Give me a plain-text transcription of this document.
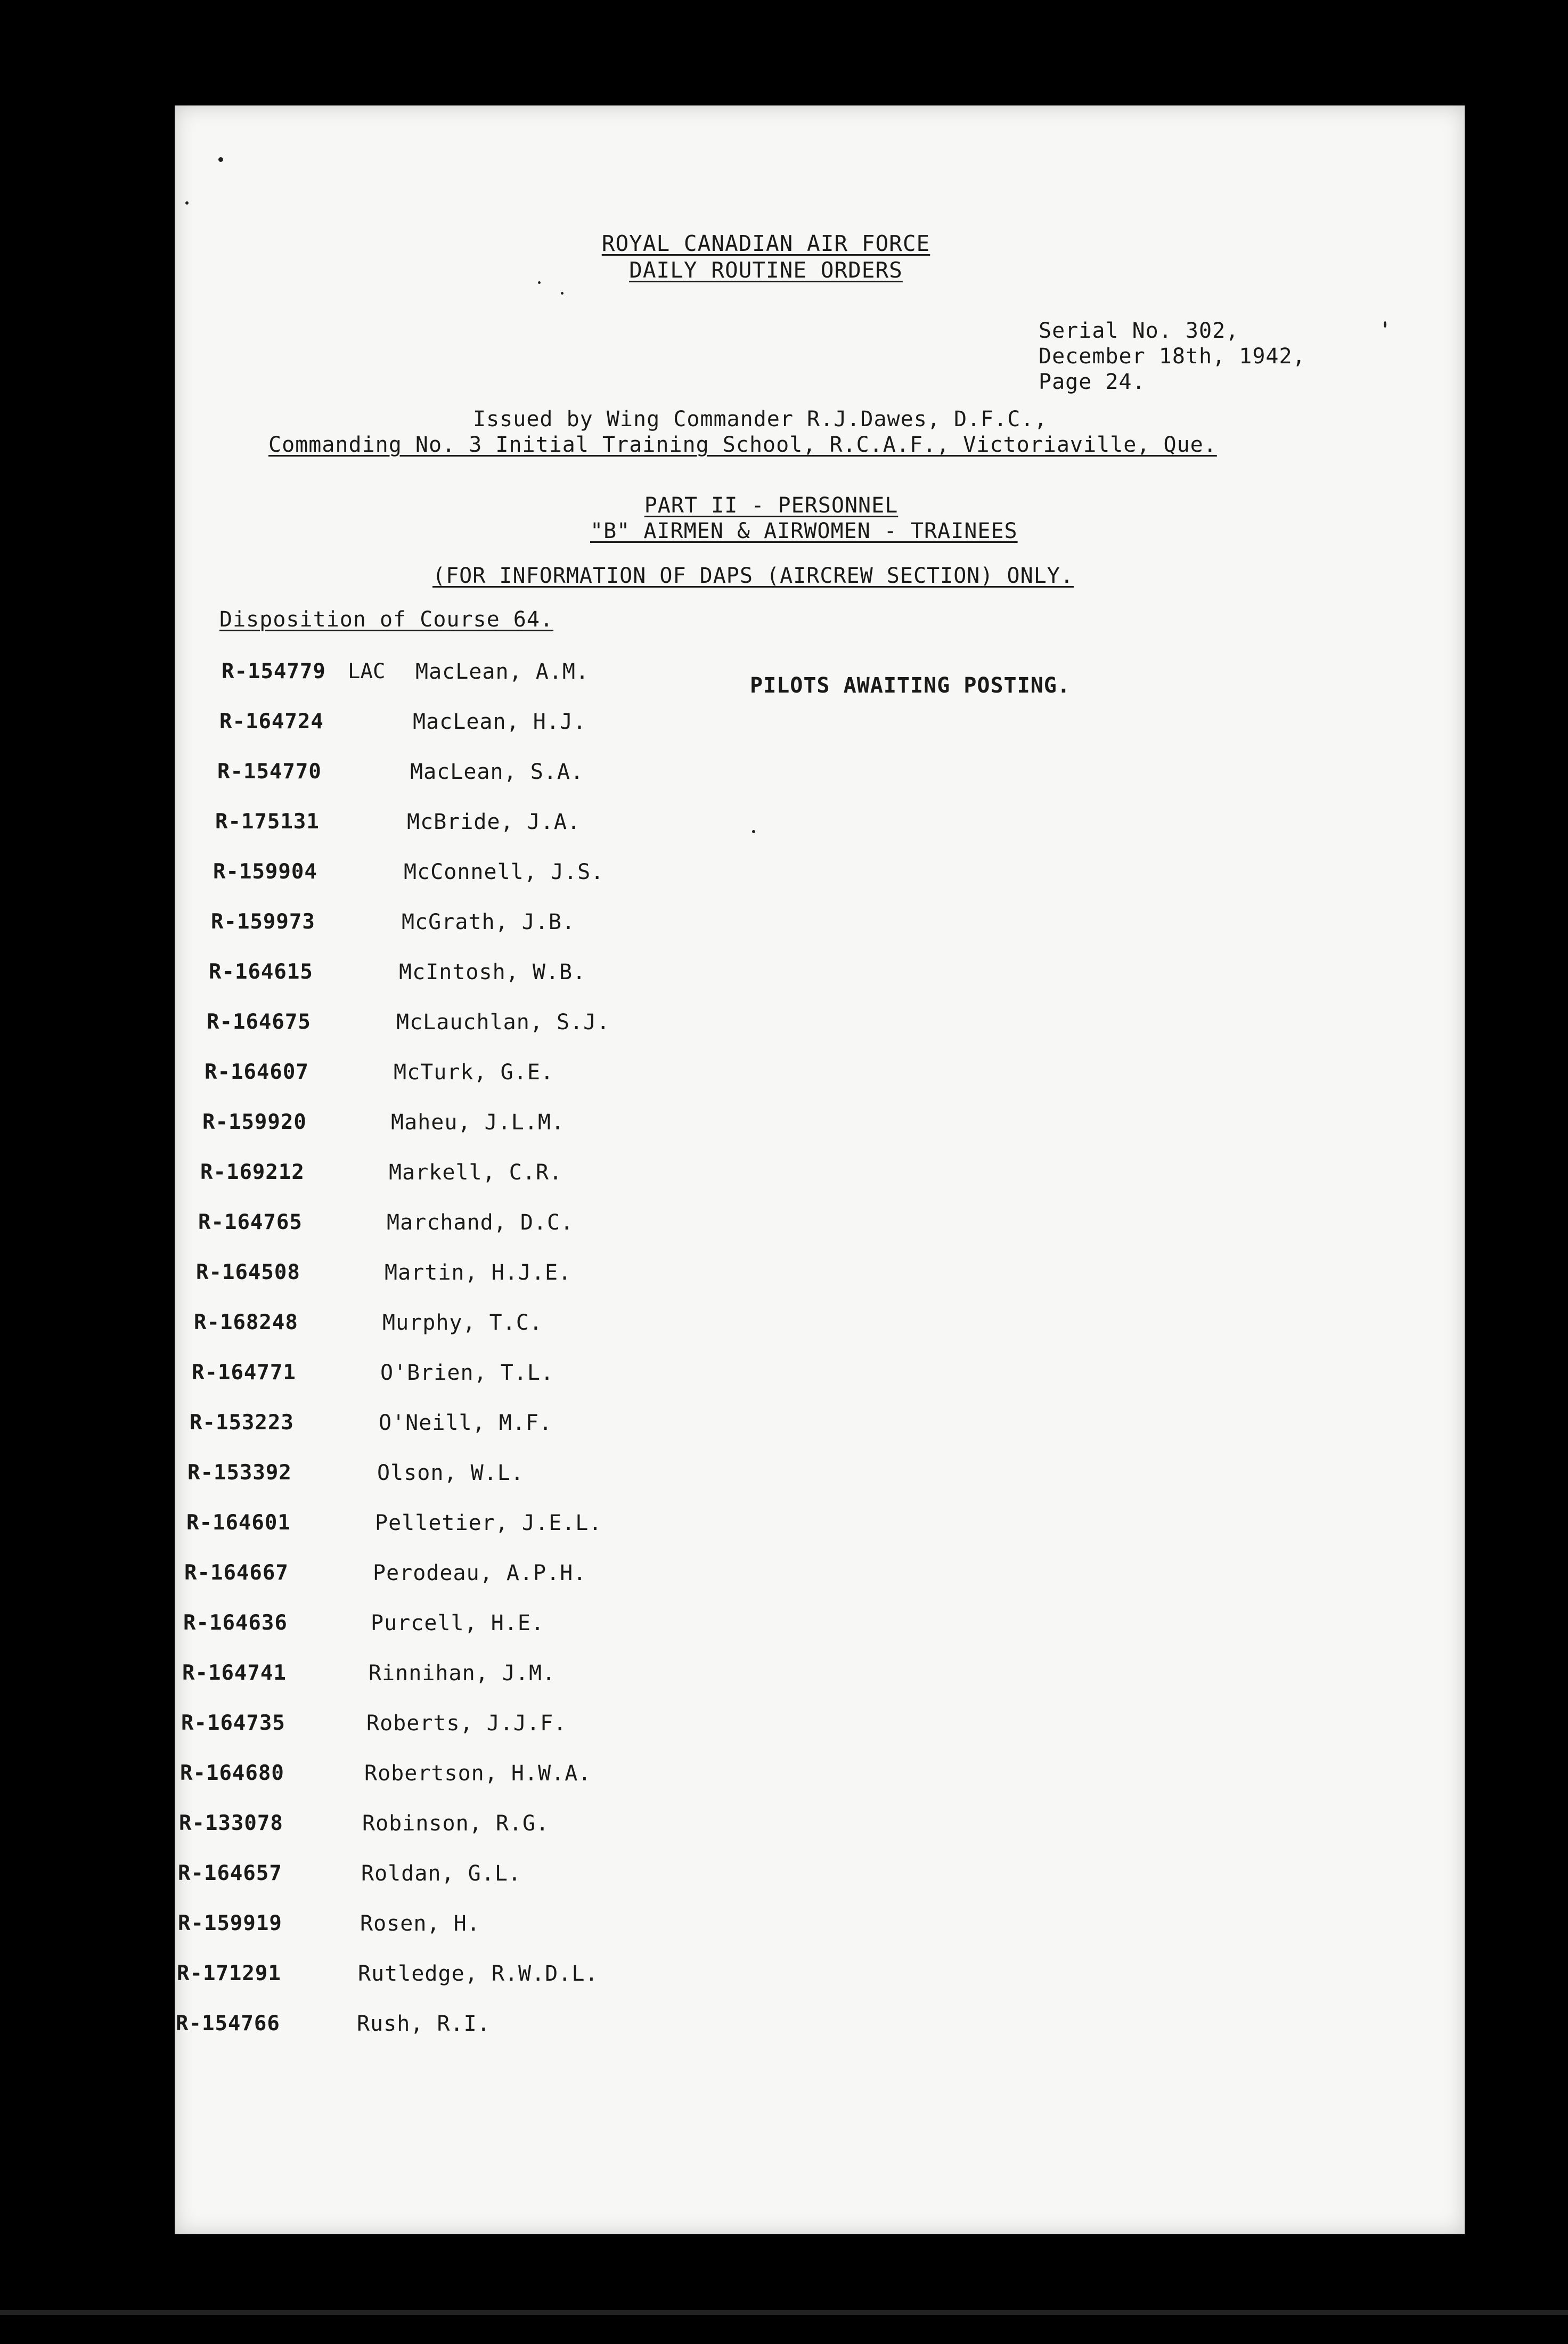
ROYAL CANADIAN AIR FORCE
DAILY ROUTINE ORDERS
Serial No. 302,
December 18th, 1942,
Page 24.
Issued by Wing Commander R.J.Dawes, D.F.C.,
Commanding No. 3 Initial Training School, R.C.A.F., Victoriaville, Que.
PART II - PERSONNEL
"B" AIRMEN & AIRWOMEN - TRAINEES
(FOR INFORMATION OF DAPS (AIRCREW SECTION) ONLY.
Disposition of Course 64.
PILOTS AWAITING POSTING.
R-154779 LAC MacLean, A.M.
R-164724	MacLean, H.J.
R-154770	MacLean, S.A.
R-175131	McBride, J.A.
R-159904	McConnell, J.S.
R-159973	McGrath, J.B.
R-164615	McIntosh, W.B.
R-164675	McLauchlan, S.J.
R-164607	McTurk, G.E.
R-159920	Maheu, J.L.M.
R-169212	Markell, C.R.
R-164765	Marchand, D.C.
R-164508	Martin, H.J.E.
R-168248	Murphy, T.C.
R-164771	O'Brien, T.L.
R-153223	O'Neill, M.F.
R-153392	Olson, W.L.
R-164601	Pelletier, J.E.L.
R-164667	Perodeau, A.P.H.
R-164636	Purcell, H.E.
R-164741	Rinnihan, J.M.
R-164735	Roberts, J.J.F.
R-164680	Robertson, H.W.A.
R-133078	Robinson, R.G.
R-164657	Roldan, G.L.
R-159919	Rosen, H.
R-171291	Rutledge, R.W.D.L.
R-154766	Rush, R.I.
